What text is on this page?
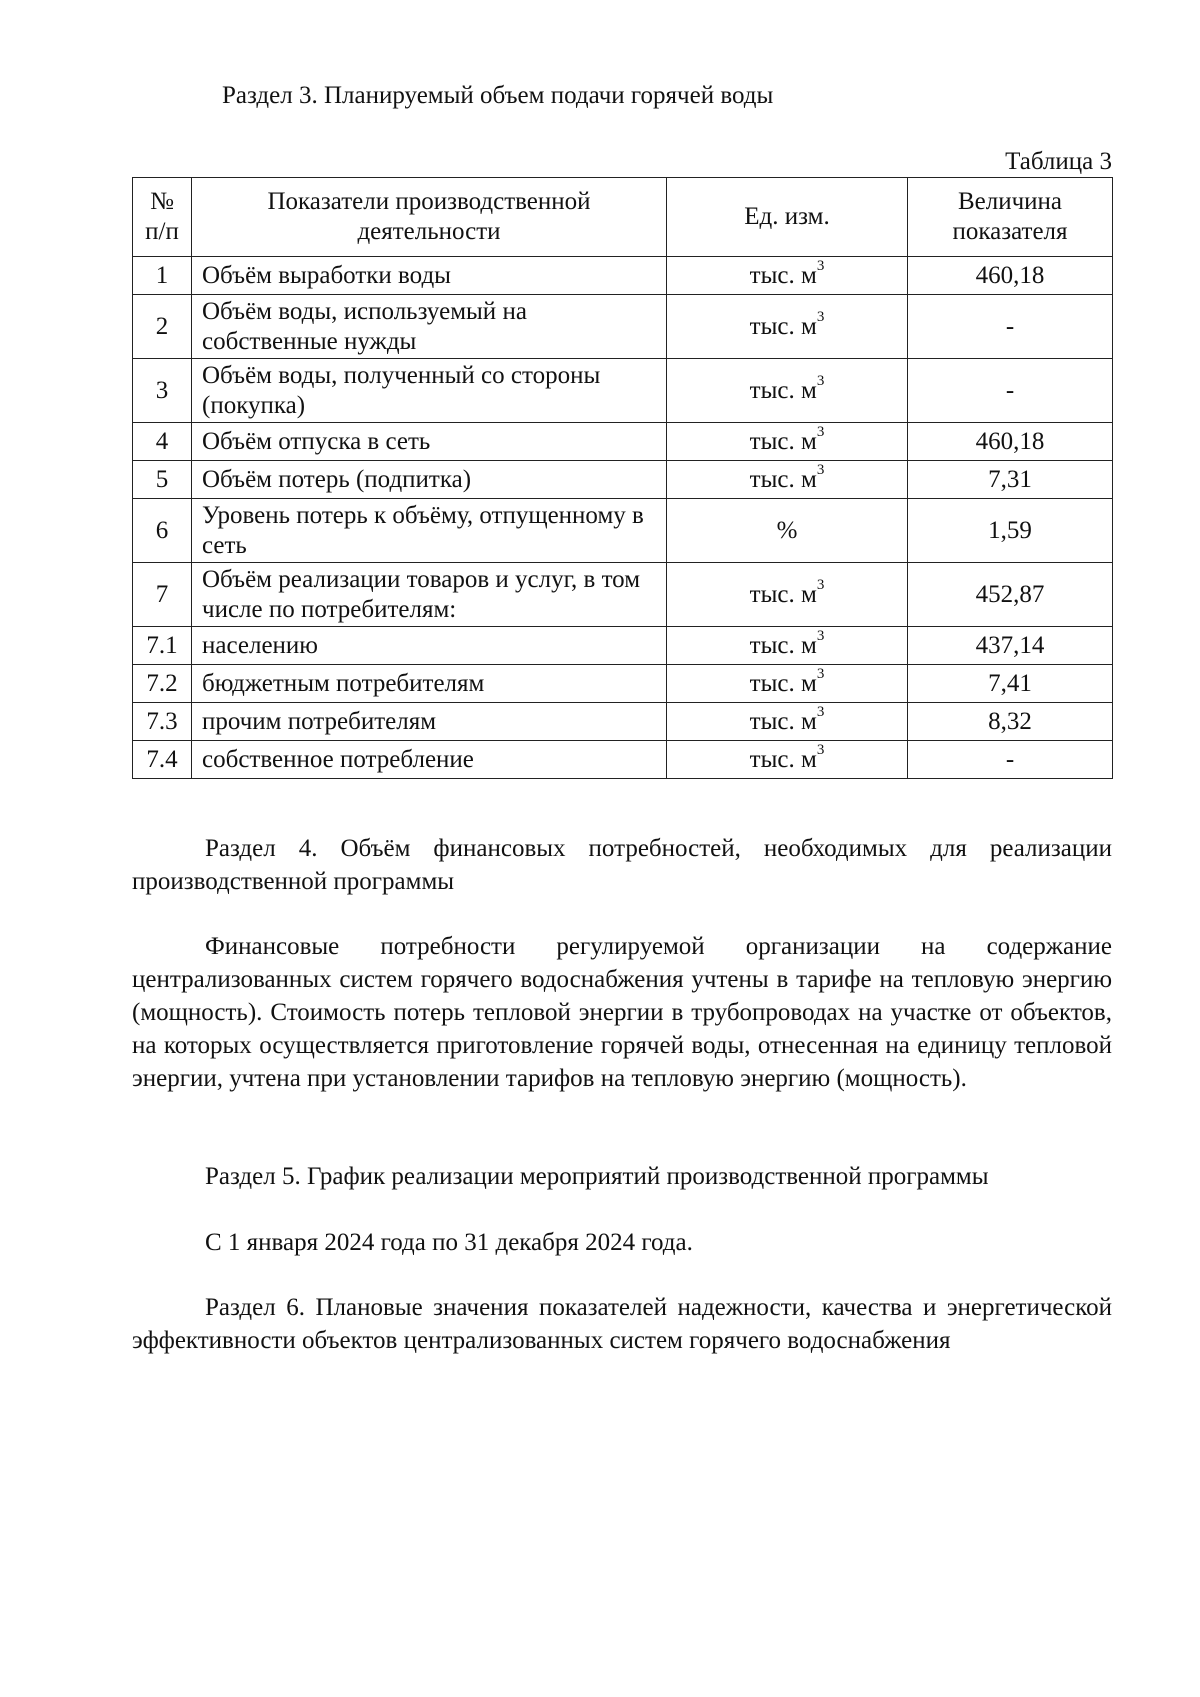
Раздел 3. Планируемый объем подачи горячей воды
Таблица 3
№ п/п	Показатели производственной деятельности	Ед. изм.	Величина показателя
1	Объём выработки воды	тыс. $м^3$	460,18
2	Объём воды, используемый на собственные нужды	тыс. $м^3$	-
3	Объём воды, полученный со стороны (покупка)	тыс. $м^3$	-
4	Объём отпуска в сеть	тыс. $м^3$	460,18
5	Объём потерь (подпитка)	тыс. $м^3$	7,31
6	Уровень потерь к объёму, отпущенному в сеть	%	1,59
7	Объём реализации товаров и услуг, в том числе по потребителям:	тыс. $м^3$	452,87
7.1	населению	тыс. $м^3$	437,14
7.2	бюджетным потребителям	тыс. $м^3$	7,41
7.3	прочим потребителям	тыс. $м^3$	8,32
7.4	собственное потребление	тыс. $м^3$	-

Раздел 4. Объём финансовых потребностей, необходимых для реализации производственной программы

Финансовые потребности регулируемой организации на содержание централизованных систем горячего водоснабжения учтены в тарифе на тепловую энергию (мощность). Стоимость потерь тепловой энергии в трубопроводах на участке от объектов, на которых осуществляется приготовление горячей воды, отнесенная на единицу тепловой энергии, учтена при установлении тарифов на тепловую энергию (мощность).

Раздел 5. График реализации мероприятий производственной программы

С 1 января 2024 года по 31 декабря 2024 года.

Раздел 6. Плановые значения показателей надежности, качества и энергетической эффективности объектов централизованных систем горячего водоснабжения
